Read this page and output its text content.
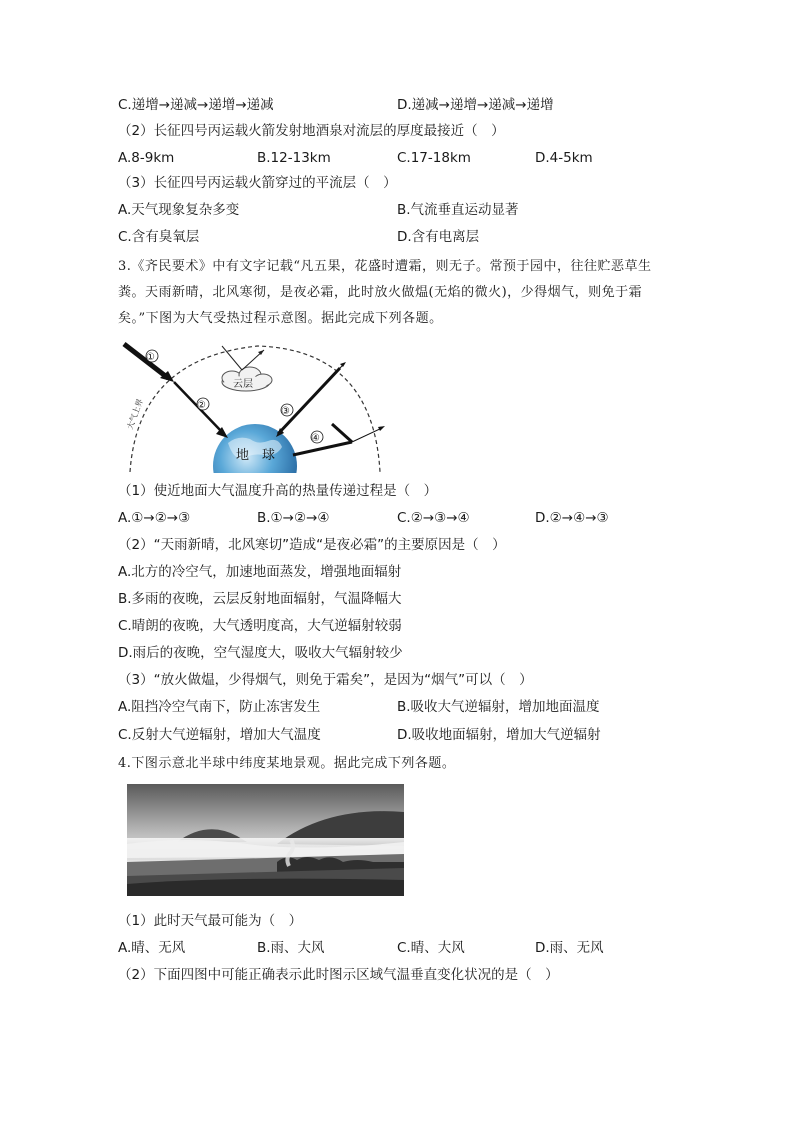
C.递增→递减→递增→递减	D.递减→递增→递减→递增
（2）长征四号丙运载火箭发射地酒泉对流层的厚度最接近（　）
A.8-9km	B.12-13km	C.17-18km	D.4-5km
（3）长征四号丙运载火箭穿过的平流层（　）
A.天气现象复杂多变	B.气流垂直运动显著
C.含有臭氧层	D.含有电离层
3.《齐民要术》中有文字记载“凡五果，花盛时遭霜，则无子。常预于园中，往往贮恶草生
粪。天雨新晴，北风寒彻，是夜必霜，此时放火做煴(无焰的微火)，少得烟气，则免于霜
矣。”下图为大气受热过程示意图。据此完成下列各题。
大气上界
地　球
云层
①
②
③
④
（1）使近地面大气温度升高的热量传递过程是（　）
A.①→②→③	B.①→②→④	C.②→③→④	D.②→④→③
（2）“天雨新晴，北风寒切”造成“是夜必霜”的主要原因是（　）
A.北方的冷空气，加速地面蒸发，增强地面辐射
B.多雨的夜晚，云层反射地面辐射，气温降幅大
C.晴朗的夜晚，大气透明度高，大气逆辐射较弱
D.雨后的夜晚，空气湿度大，吸收大气辐射较少
（3）“放火做煴，少得烟气，则免于霜矣”，是因为“烟气”可以（　）
A.阻挡冷空气南下，防止冻害发生	B.吸收大气逆辐射，增加地面温度
C.反射大气逆辐射，增加大气温度	D.吸收地面辐射，增加大气逆辐射
4.下图示意北半球中纬度某地景观。据此完成下列各题。
（1）此时天气最可能为（　）
A.晴、无风	B.雨、大风	C.晴、大风	D.雨、无风
（2）下面四图中可能正确表示此时图示区域气温垂直变化状况的是（　）
